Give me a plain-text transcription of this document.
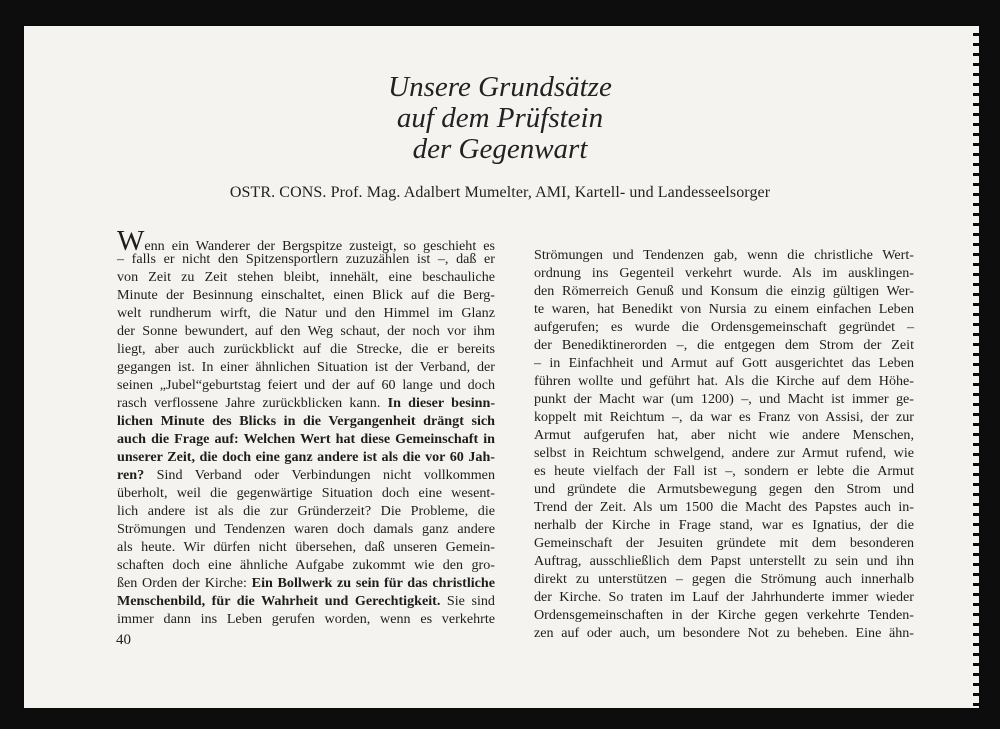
Unsere Grundsätze
auf dem Prüfstein
der Gegenwart
OSTR. CONS. Prof. Mag. Adalbert Mumelter, AMI, Kartell- und Landesseelsorger
Wenn ein Wanderer der Bergspitze zusteigt, so geschieht es
– falls er nicht den Spitzensportlern zuzuzählen ist –, daß er
von Zeit zu Zeit stehen bleibt, innehält, eine beschauliche
Minute der Besinnung einschaltet, einen Blick auf die Berg-
welt rundherum wirft, die Natur und den Himmel im Glanz
der Sonne bewundert, auf den Weg schaut, der noch vor ihm
liegt, aber auch zurückblickt auf die Strecke, die er bereits
gegangen ist. In einer ähnlichen Situation ist der Verband, der
seinen „Jubel“geburtstag feiert und der auf 60 lange und doch
rasch verflossene Jahre zurückblicken kann. In dieser besinn-
lichen Minute des Blicks in die Vergangenheit drängt sich
auch die Frage auf: Welchen Wert hat diese Gemeinschaft in
unserer Zeit, die doch eine ganz andere ist als die vor 60 Jah-
ren? Sind Verband oder Verbindungen nicht vollkommen
überholt, weil die gegenwärtige Situation doch eine wesent-
lich andere ist als die zur Gründerzeit? Die Probleme, die
Strömungen und Tendenzen waren doch damals ganz andere
als heute. Wir dürfen nicht übersehen, daß unseren Gemein-
schaften doch eine ähnliche Aufgabe zukommt wie den gro-
ßen Orden der Kirche: Ein Bollwerk zu sein für das christliche
Menschenbild, für die Wahrheit und Gerechtigkeit. Sie sind
immer dann ins Leben gerufen worden, wenn es verkehrte
Strömungen und Tendenzen gab, wenn die christliche Wert-
ordnung ins Gegenteil verkehrt wurde. Als im ausklingen-
den Römerreich Genuß und Konsum die einzig gültigen Wer-
te waren, hat Benedikt von Nursia zu einem einfachen Leben
aufgerufen; es wurde die Ordensgemeinschaft gegründet –
der Benediktinerorden –, die entgegen dem Strom der Zeit
– in Einfachheit und Armut auf Gott ausgerichtet das Leben
führen wollte und geführt hat. Als die Kirche auf dem Höhe-
punkt der Macht war (um 1200) –, und Macht ist immer ge-
koppelt mit Reichtum –, da war es Franz von Assisi, der zur
Armut aufgerufen hat, aber nicht wie andere Menschen,
selbst in Reichtum schwelgend, andere zur Armut rufend, wie
es heute vielfach der Fall ist –, sondern er lebte die Armut
und gründete die Armutsbewegung gegen den Strom und
Trend der Zeit. Als um 1500 die Macht des Papstes auch in-
nerhalb der Kirche in Frage stand, war es Ignatius, der die
Gemeinschaft der Jesuiten gründete mit dem besonderen
Auftrag, ausschließlich dem Papst unterstellt zu sein und ihn
direkt zu unterstützen – gegen die Strömung auch innerhalb
der Kirche. So traten im Lauf der Jahrhunderte immer wieder
Ordensgemeinschaften in der Kirche gegen verkehrte Tenden-
zen auf oder auch, um besondere Not zu beheben. Eine ähn-
40
